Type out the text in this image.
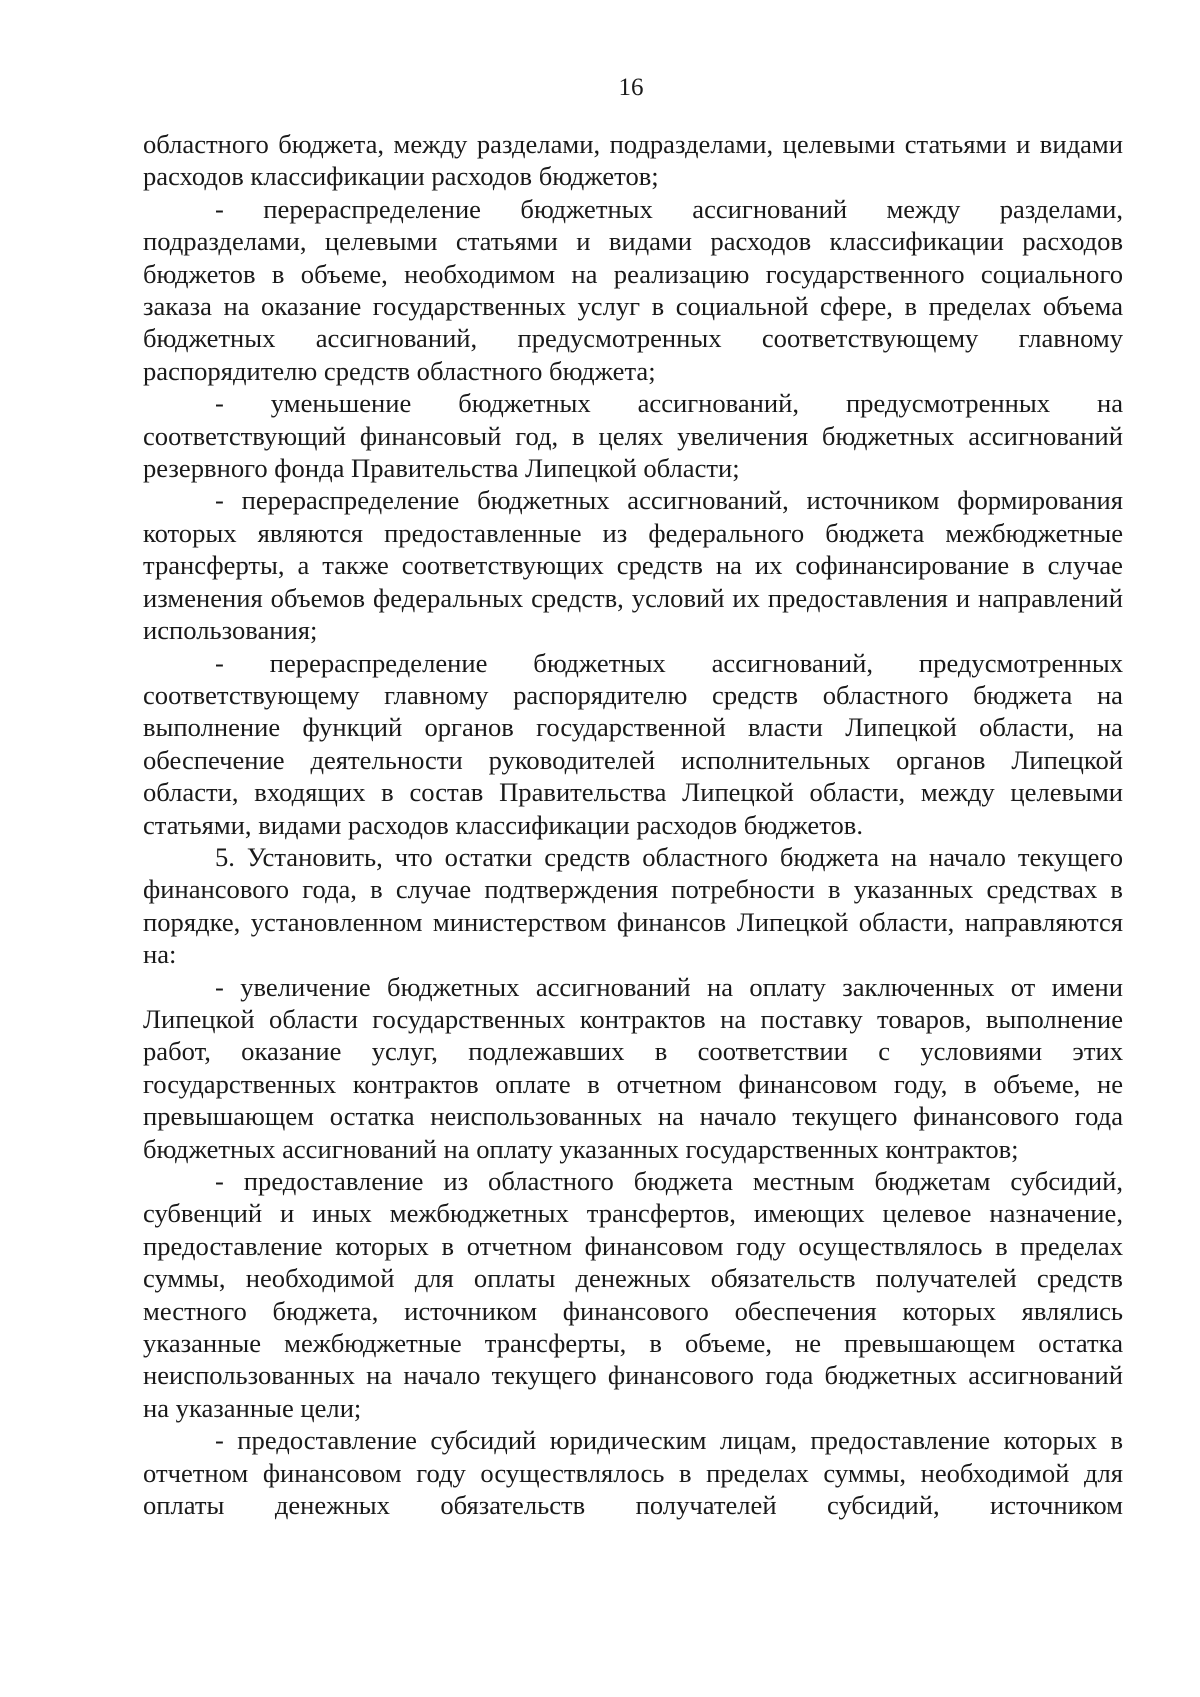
16

областного бюджета, между разделами, подразделами, целевыми статьями и видами расходов классификации расходов бюджетов;

- перераспределение бюджетных ассигнований между разделами, подразделами, целевыми статьями и видами расходов классификации расходов бюджетов в объеме, необходимом на реализацию государственного социального заказа на оказание государственных услуг в социальной сфере, в пределах объема бюджетных ассигнований, предусмотренных соответствующему главному распорядителю средств областного бюджета;

- уменьшение бюджетных ассигнований, предусмотренных на соответствующий финансовый год, в целях увеличения бюджетных ассигнований резервного фонда Правительства Липецкой области;

- перераспределение бюджетных ассигнований, источником формирования которых являются предоставленные из федерального бюджета межбюджетные трансферты, а также соответствующих средств на их софинансирование в случае изменения объемов федеральных средств, условий их предоставления и направлений использования;

- перераспределение бюджетных ассигнований, предусмотренных соответствующему главному распорядителю средств областного бюджета на выполнение функций органов государственной власти Липецкой области, на обеспечение деятельности руководителей исполнительных органов Липецкой области, входящих в состав Правительства Липецкой области, между целевыми статьями, видами расходов классификации расходов бюджетов.

5. Установить, что остатки средств областного бюджета на начало текущего финансового года, в случае подтверждения потребности в указанных средствах в порядке, установленном министерством финансов Липецкой области, направляются на:

- увеличение бюджетных ассигнований на оплату заключенных от имени Липецкой области государственных контрактов на поставку товаров, выполнение работ, оказание услуг, подлежавших в соответствии с условиями этих государственных контрактов оплате в отчетном финансовом году, в объеме, не превышающем остатка неиспользованных на начало текущего финансового года бюджетных ассигнований на оплату указанных государственных контрактов;

- предоставление из областного бюджета местным бюджетам субсидий, субвенций и иных межбюджетных трансфертов, имеющих целевое назначение, предоставление которых в отчетном финансовом году осуществлялось в пределах суммы, необходимой для оплаты денежных обязательств получателей средств местного бюджета, источником финансового обеспечения которых являлись указанные межбюджетные трансферты, в объеме, не превышающем остатка неиспользованных на начало текущего финансового года бюджетных ассигнований на указанные цели;

- предоставление субсидий юридическим лицам, предоставление которых в отчетном финансовом году осуществлялось в пределах суммы, необходимой для оплаты денежных обязательств получателей субсидий, источником
